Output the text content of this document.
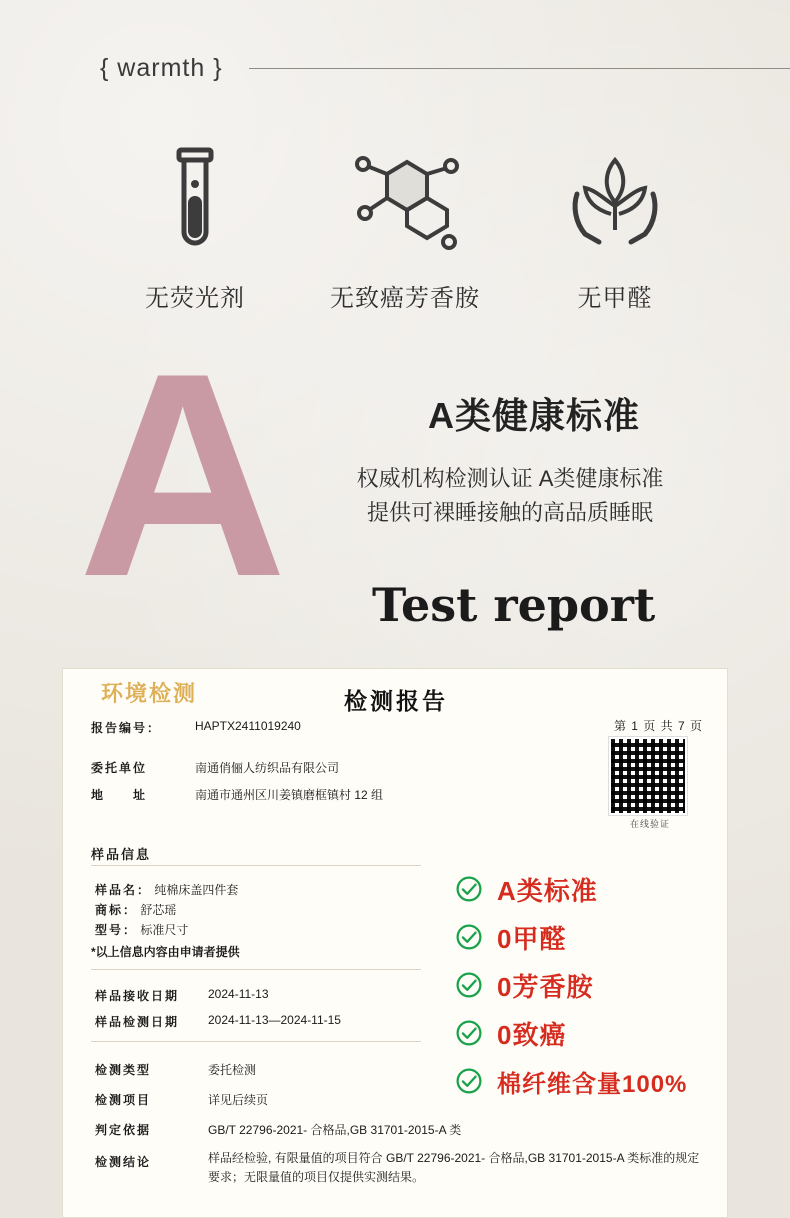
{ warmth }
无荧光剂	无致癌芳香胺	无甲醛
A	A类健康标准
权威机构检测认证 A类健康标准
提供可裸睡接触的高品质睡眠
Test report
环境检测	检测报告
第 1 页 共 7 页
在线验证
报告编号：	HAPTX2411019240
委托单位	南通俏俪人纺织品有限公司
地　　址	南通市通州区川姜镇磨框镇村 12 组
样品信息
样品名： 纯棉床盖四件套
商标： 舒芯瑶
型号： 标准尺寸
*以上信息内容由申请者提供
样品接收日期 2024-11-13
样品检测日期 2024-11-13—2024-11-15
检测类型	委托检测
检测项目	详见后续页
判定依据	GB/T 22796-2021- 合格品,GB 31701-2015-A 类
检测结论	样品经检验, 有限量值的项目符合 GB/T 22796-2021- 合格品,GB 31701-2015-A 类标准的规定要求；无限量值的项目仅提供实测结果。
A类标准
0甲醛
0芳香胺
0致癌
棉纤维含量100%
